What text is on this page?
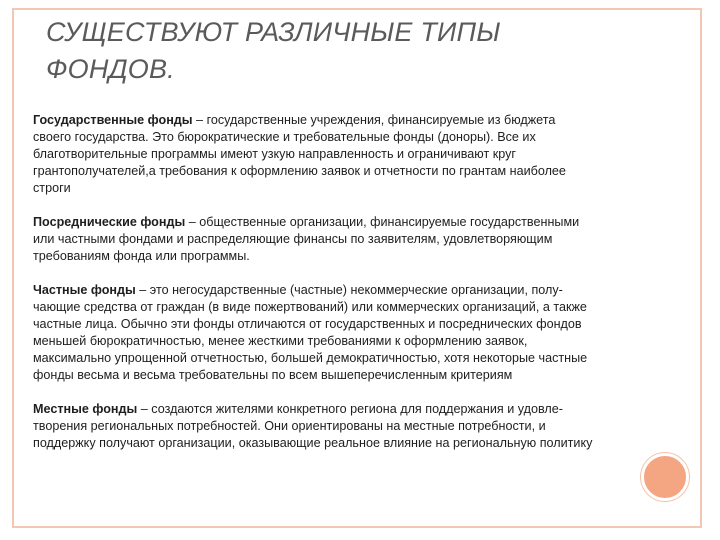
СУЩЕСТВУЮТ РАЗЛИЧНЫЕ ТИПЫ
ФОНДОВ.

Государственные фонды – государственные учреждения, финансируемые из бюджета
своего государства. Это бюрократические и требовательные фонды (доноры). Все их
благотворительные программы имеют узкую направленность и ограничивают круг
грантополучателей,а требования к оформлению заявок и отчетности по грантам наиболее
строги

Посреднические фонды – общественные организации, финансируемые государственными
или частными фондами и распределяющие финансы по заявителям, удовлетворяющим
требованиям фонда или программы.

Частные фонды – это негосударственные (частные) некоммерческие организации, полу-
чающие средства от граждан (в виде пожертвований) или коммерческих организаций, а также
частные лица. Обычно эти фонды отличаются от государственных и посреднических фондов
меньшей бюрократичностью, менее жесткими требованиями к оформлению заявок,
максимально упрощенной отчетностью, большей демократичностью, хотя некоторые частные
фонды весьма и весьма требовательны по всем вышеперечисленным критериям

Местные фонды – создаются жителями конкретного региона для поддержания и удовле-
творения региональных потребностей. Они ориентированы на местные потребности, и
поддержку получают организации, оказывающие реальное влияние на региональную политику
